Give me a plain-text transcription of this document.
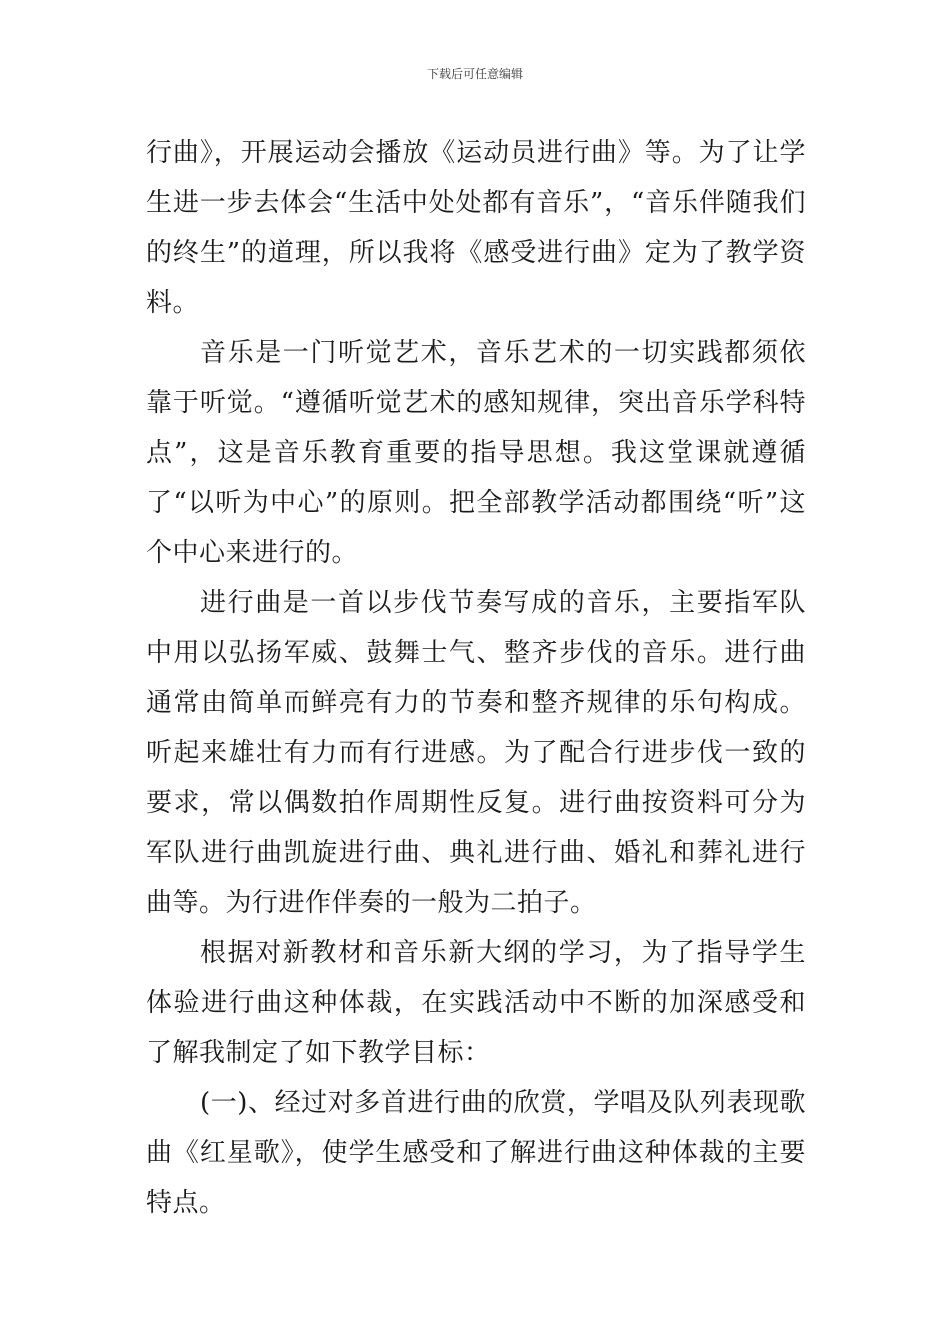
下载后可任意编辑

行曲》，开展运动会播放《运动员进行曲》等。为了让学生进一步去体会“生活中处处都有音乐”，“音乐伴随我们的终生”的道理，所以我将《感受进行曲》定为了教学资料。

音乐是一门听觉艺术，音乐艺术的一切实践都须依靠于听觉。“遵循听觉艺术的感知规律，突出音乐学科特点”，这是音乐教育重要的指导思想。我这堂课就遵循了“以听为中心”的原则。把全部教学活动都围绕“听”这个中心来进行的。

进行曲是一首以步伐节奏写成的音乐，主要指军队中用以弘扬军威、鼓舞士气、整齐步伐的音乐。进行曲通常由简单而鲜亮有力的节奏和整齐规律的乐句构成。听起来雄壮有力而有行进感。为了配合行进步伐一致的要求，常以偶数拍作周期性反复。进行曲按资料可分为军队进行曲凯旋进行曲、典礼进行曲、婚礼和葬礼进行曲等。为行进作伴奏的一般为二拍子。

根据对新教材和音乐新大纲的学习，为了指导学生体验进行曲这种体裁，在实践活动中不断的加深感受和了解我制定了如下教学目标：

(一)、经过对多首进行曲的欣赏，学唱及队列表现歌曲《红星歌》，使学生感受和了解进行曲这种体裁的主要特点。
